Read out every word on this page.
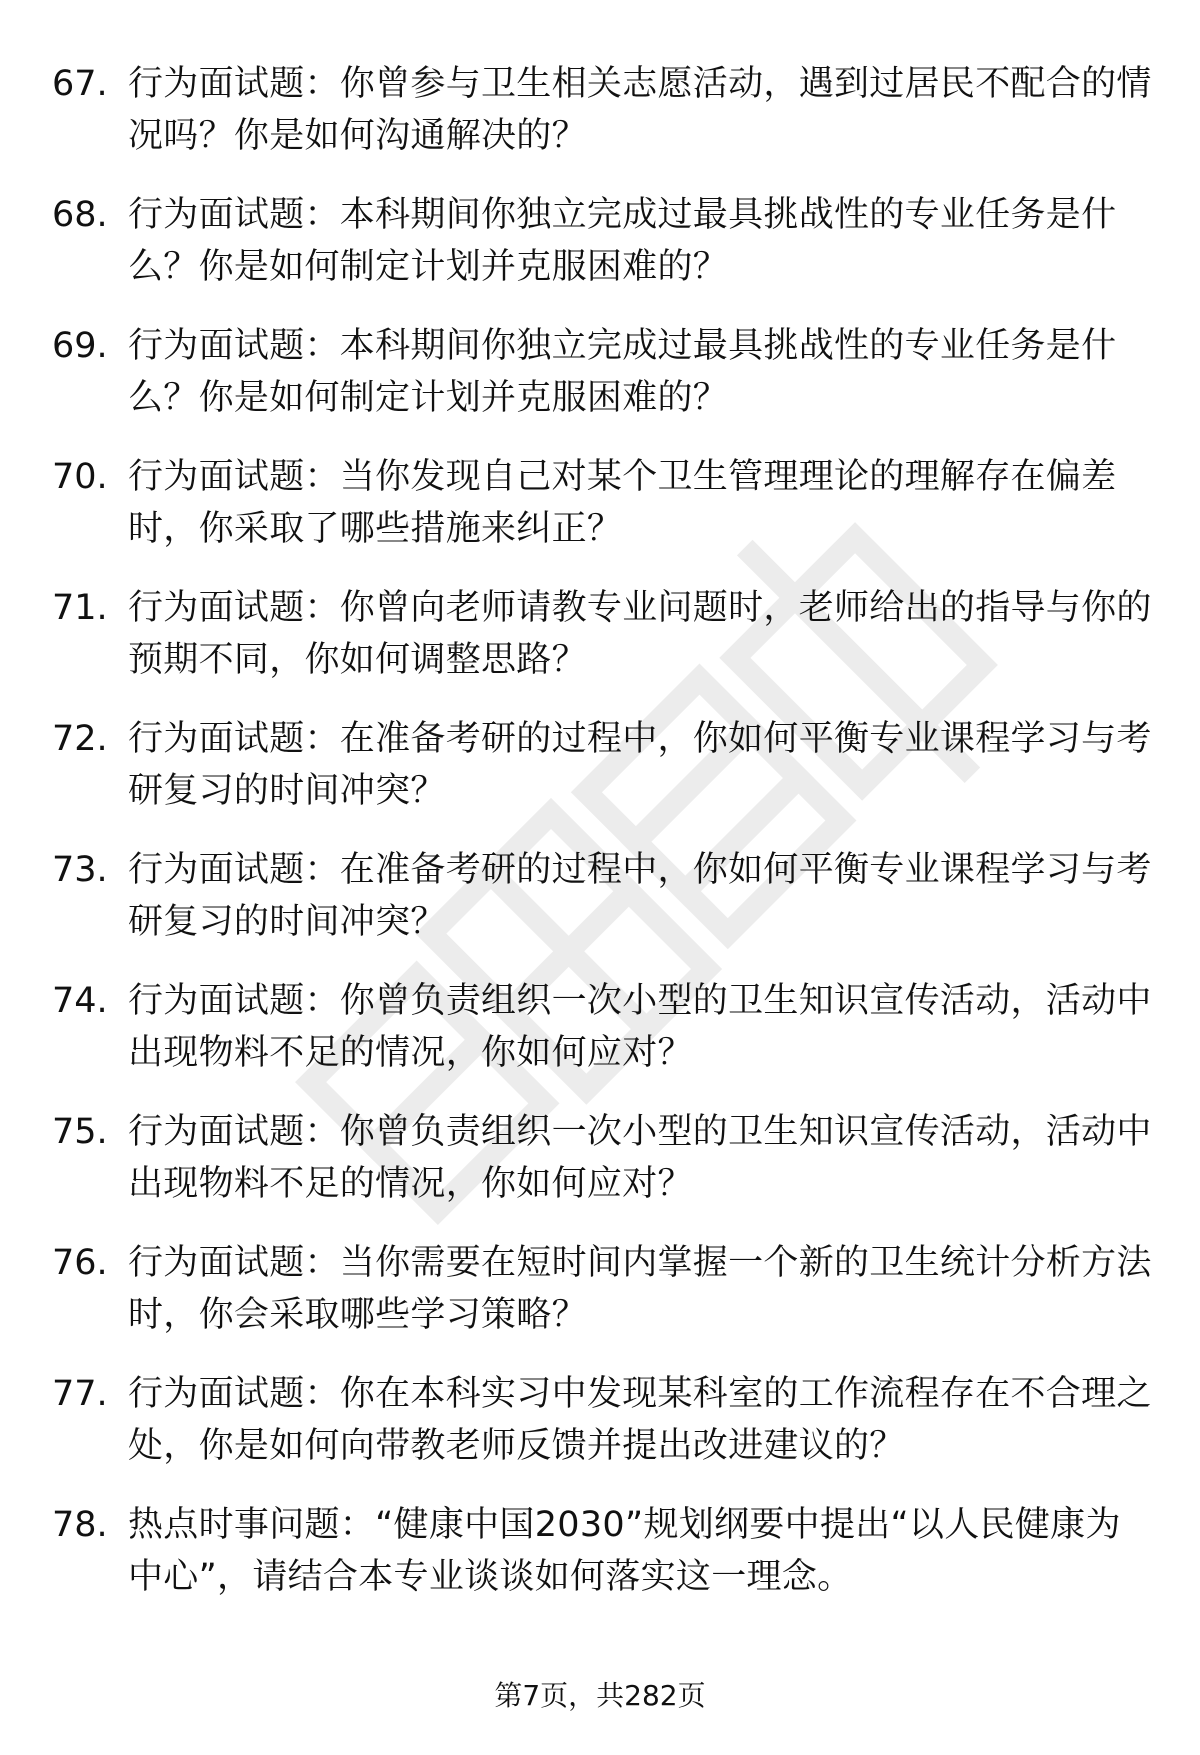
67. 行为面试题：你曾参与卫生相关志愿活动，遇到过居民不配合的情况吗？你是如何沟通解决的？
68. 行为面试题：本科期间你独立完成过最具挑战性的专业任务是什么？你是如何制定计划并克服困难的？
69. 行为面试题：本科期间你独立完成过最具挑战性的专业任务是什么？你是如何制定计划并克服困难的？
70. 行为面试题：当你发现自己对某个卫生管理理论的理解存在偏差时，你采取了哪些措施来纠正？
71. 行为面试题：你曾向老师请教专业问题时，老师给出的指导与你的预期不同，你如何调整思路？
72. 行为面试题：在准备考研的过程中，你如何平衡专业课程学习与考研复习的时间冲突？
73. 行为面试题：在准备考研的过程中，你如何平衡专业课程学习与考研复习的时间冲突？
74. 行为面试题：你曾负责组织一次小型的卫生知识宣传活动，活动中出现物料不足的情况，你如何应对？
75. 行为面试题：你曾负责组织一次小型的卫生知识宣传活动，活动中出现物料不足的情况，你如何应对？
76. 行为面试题：当你需要在短时间内掌握一个新的卫生统计分析方法时，你会采取哪些学习策略？
77. 行为面试题：你在本科实习中发现某科室的工作流程存在不合理之处，你是如何向带教老师反馈并提出改进建议的？
78. 热点时事问题：“健康中国2030”规划纲要中提出“以人民健康为中心”，请结合本专业谈谈如何落实这一理念。
第7页，共282页
